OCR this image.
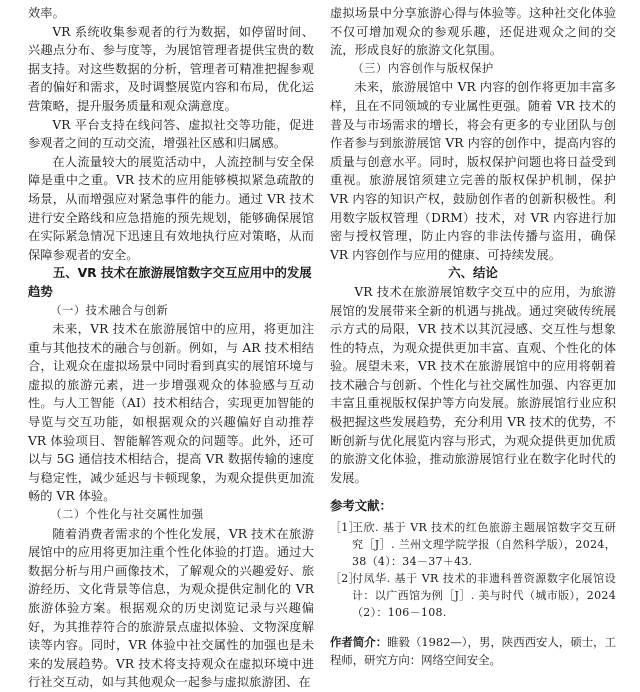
效率。

VR 系统收集参观者的行为数据，如停留时间、兴趣点分布、参与度等，为展馆管理者提供宝贵的数据支持。对这些数据的分析，管理者可精准把握参观者的偏好和需求，及时调整展览内容和布局，优化运营策略，提升服务质量和观众满意度。

VR 平台支持在线问答、虚拟社交等功能，促进参观者之间的互动交流，增强社区感和归属感。

在人流量较大的展览活动中，人流控制与安全保障是重中之重。VR 技术的应用能够模拟紧急疏散的场景，从而增强应对紧急事件的能力。通过 VR 技术进行安全路线和应急措施的预先规划，能够确保展馆在实际紧急情况下迅速且有效地执行应对策略，从而保障参观者的安全。

五、VR 技术在旅游展馆数字交互应用中的发展趋势
（一）技术融合与创新

未来，VR 技术在旅游展馆中的应用，将更加注重与其他技术的融合与创新。例如，与 AR 技术相结合，让观众在虚拟场景中同时看到真实的展馆环境与虚拟的旅游元素，进一步增强观众的体验感与互动性。与人工智能（AI）技术相结合，实现更加智能的导览与交互功能，如根据观众的兴趣偏好自动推荐 VR 体验项目、智能解答观众的问题等。此外，还可以与 5G 通信技术相结合，提高 VR 数据传输的速度与稳定性，减少延迟与卡顿现象，为观众提供更加流畅的 VR 体验。

（二）个性化与社交属性加强

随着消费者需求的个性化发展，VR 技术在旅游展馆中的应用将更加注重个性化体验的打造。通过大数据分析与用户画像技术，了解观众的兴趣爱好、旅游经历、文化背景等信息，为观众提供定制化的 VR 旅游体验方案。根据观众的历史浏览记录与兴趣偏好，为其推荐符合的旅游景点虚拟体验、文物深度解读等内容。同时，VR 体验中社交属性的加强也是未来的发展趋势。VR 技术将支持观众在虚拟环境中进行社交互动，如与其他观众一起参与虚拟旅游团、在

虚拟场景中分享旅游心得与体验等。这种社交化体验不仅可增加观众的参观乐趣，还促进观众之间的交流，形成良好的旅游文化氛围。

（三）内容创作与版权保护

未来，旅游展馆中 VR 内容的创作将更加丰富多样，且在不同领域的专业属性更强。随着 VR 技术的普及与市场需求的增长，将会有更多的专业团队与创作者参与到旅游展馆 VR 内容的创作中，提高内容的质量与创意水平。同时，版权保护问题也将日益受到重视。旅游展馆须建立完善的版权保护机制，保护 VR 内容的知识产权，鼓励创作者的创新积极性。利用数字版权管理（DRM）技术，对 VR 内容进行加密与授权管理，防止内容的非法传播与盗用，确保 VR 内容创作与应用的健康、可持续发展。

六、结论

VR 技术在旅游展馆数字交互中的应用，为旅游展馆的发展带来全新的机遇与挑战。通过突破传统展示方式的局限，VR 技术以其沉浸感、交互性与想象性的特点，为观众提供更加丰富、直观、个性化的体验。展望未来，VR 技术在旅游展馆中的应用将朝着技术融合与创新、个性化与社交属性加强、内容更加丰富且重视版权保护等方向发展。旅游展馆行业应积极把握这些发展趋势，充分利用 VR 技术的优势，不断创新与优化展览内容与形式，为观众提供更加优质的旅游文化体验，推动旅游展馆行业在数字化时代的发展。

参考文献：
［1］
王欣. 基于 VR 技术的红色旅游主题展馆数字交互研究［J］. 兰州文理学院学报（自然科学版），2024，38（4）：34－37＋43.
［2］
付凤华. 基于 VR 技术的非遗科普资源数字化展馆设计：以广西馆为例［J］. 美与时代（城市版），2024（2）：106－108.
作者简介：睢毅（1982—），男，陕西西安人，硕士，工程师，研究方向：网络空间安全。
